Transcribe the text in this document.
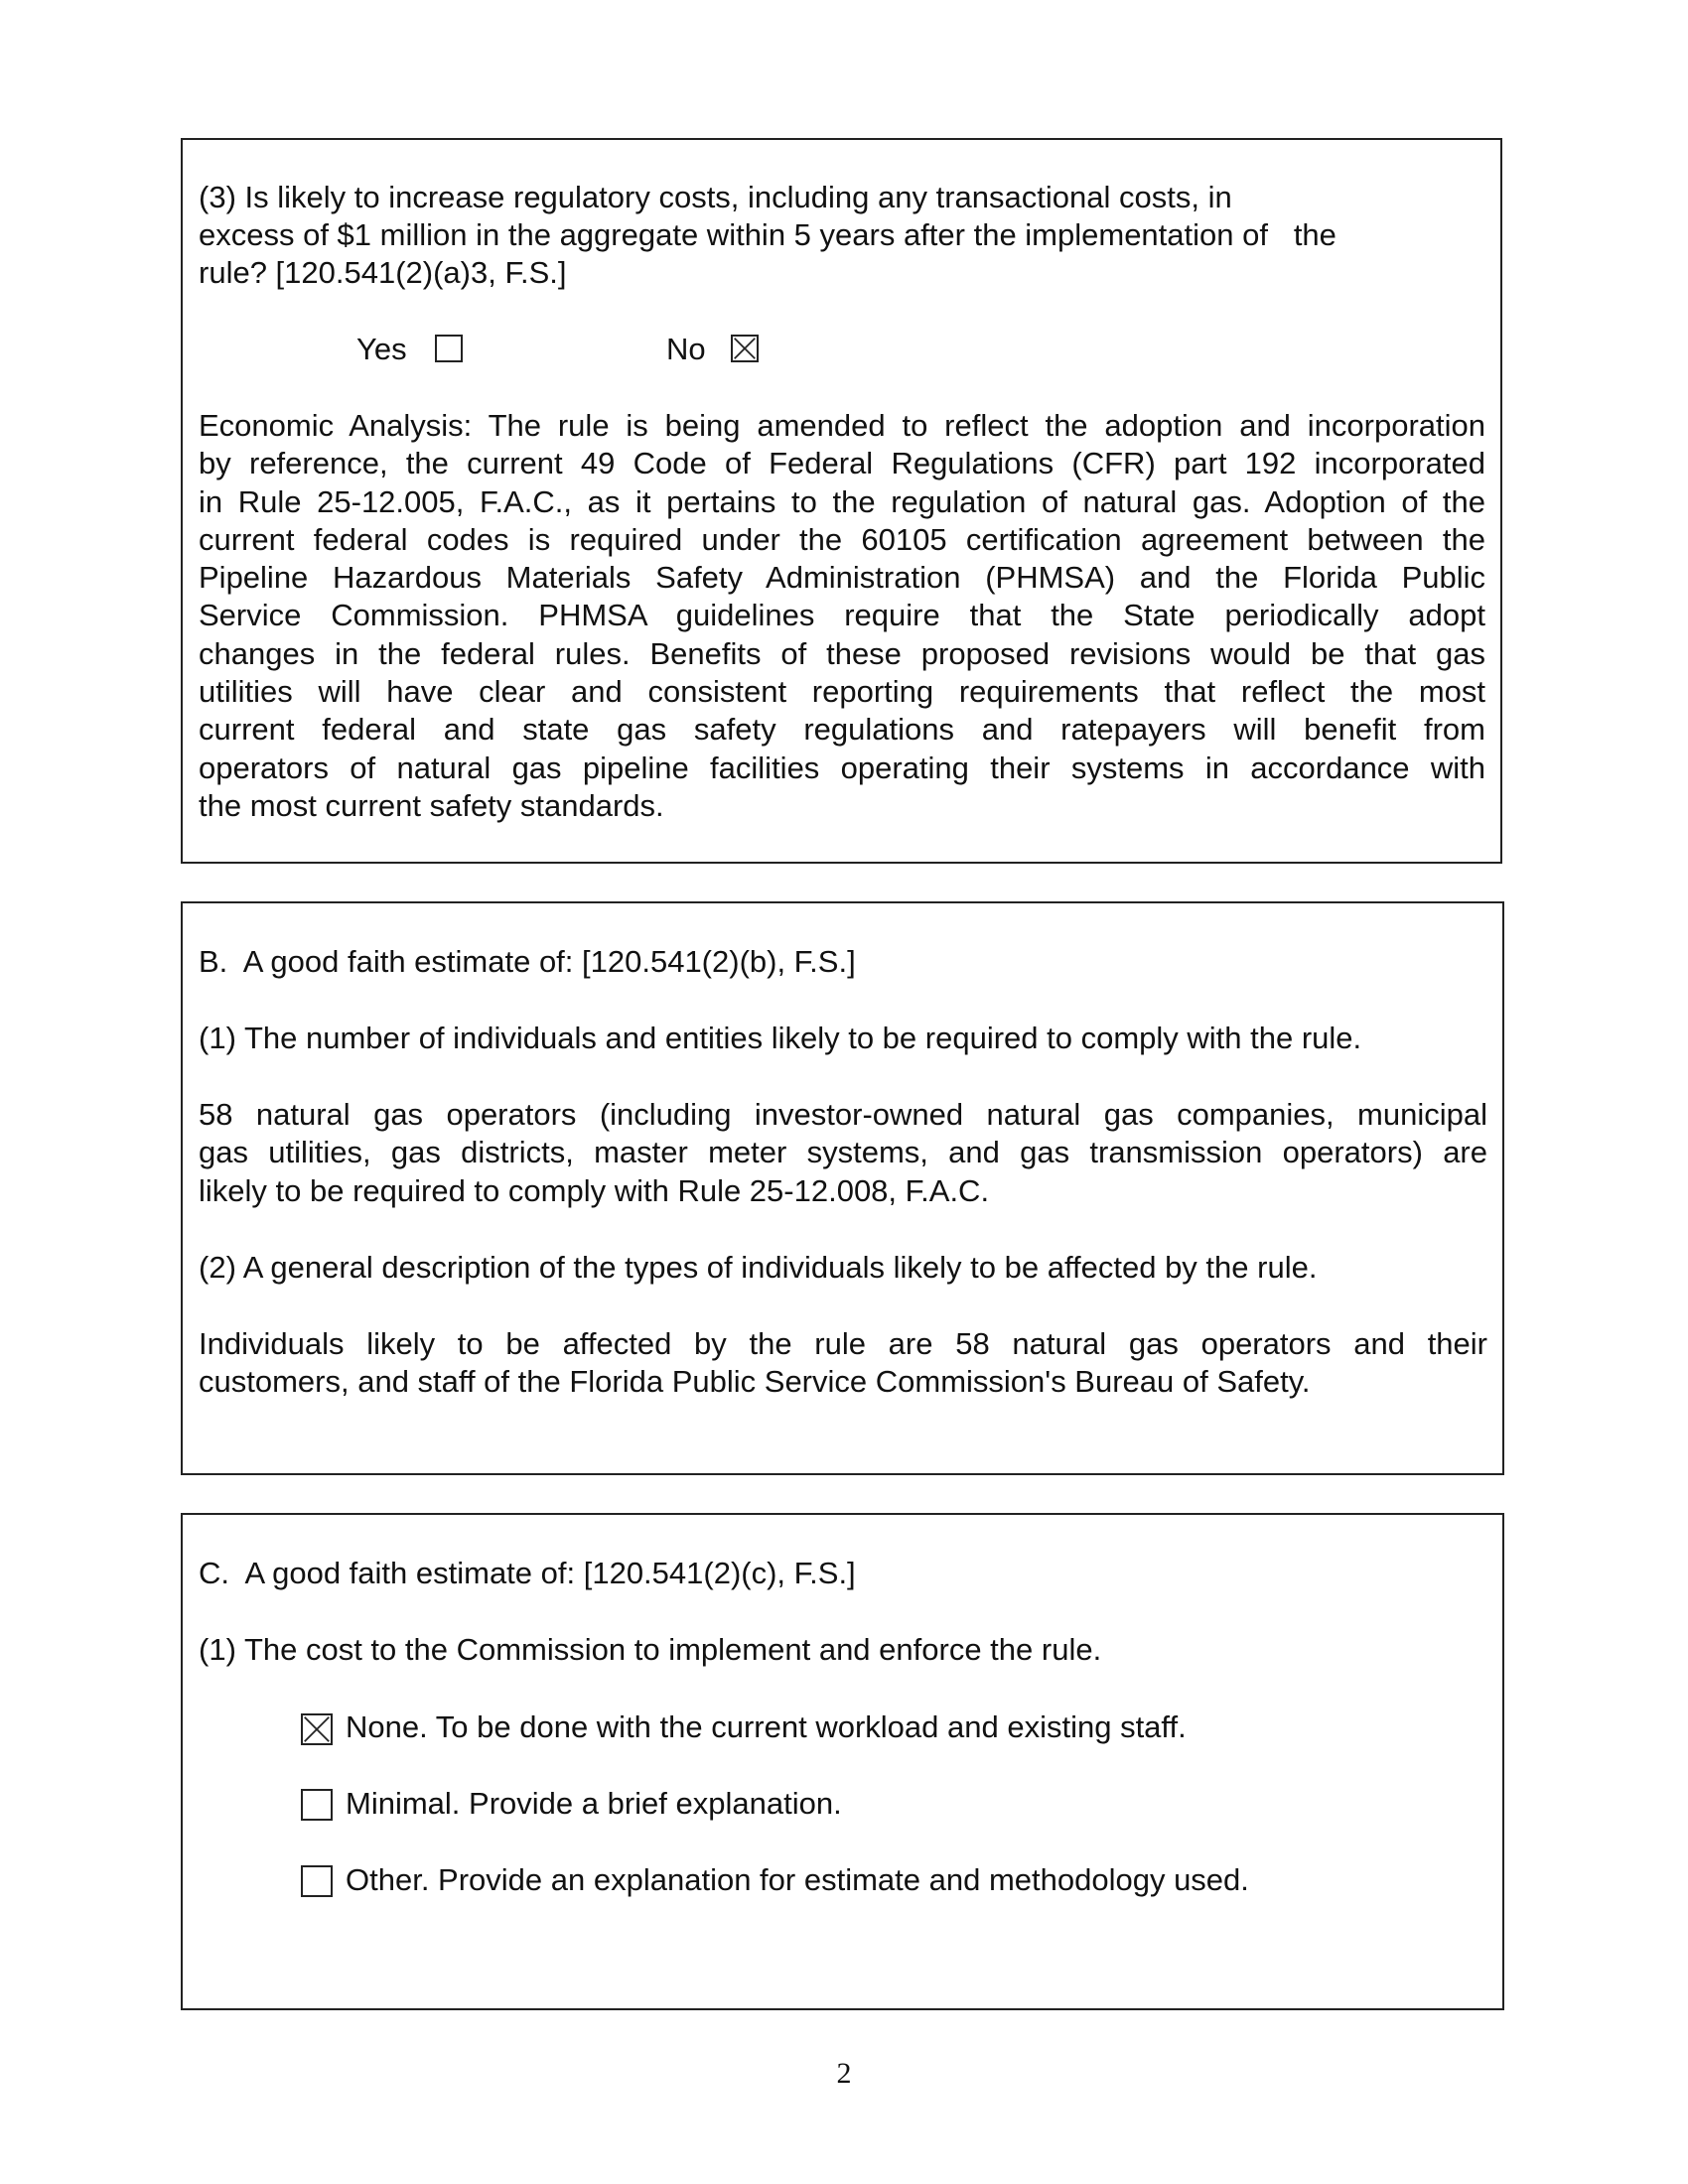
(3) Is likely to increase regulatory costs, including any transactional costs, in
excess of $1 million in the aggregate within 5 years after the implementation of   the
rule? [120.541(2)(a)3, F.S.]
Yes	No
Economic Analysis: The rule is being amended to reflect the adoption and incorporation
by reference, the current 49 Code of Federal Regulations (CFR) part 192 incorporated
in Rule 25-12.005, F.A.C., as it pertains to the regulation of natural gas. Adoption of the
current federal codes is required under the 60105 certification agreement between the
Pipeline Hazardous Materials Safety Administration (PHMSA) and the Florida Public
Service Commission. PHMSA guidelines require that the State periodically adopt
changes in the federal rules. Benefits of these proposed revisions would be that gas
utilities will have clear and consistent reporting requirements that reflect the most
current federal and state gas safety regulations and ratepayers will benefit from
operators of natural gas pipeline facilities operating their systems in accordance with
the most current safety standards.
B.  A good faith estimate of: [120.541(2)(b), F.S.]
(1) The number of individuals and entities likely to be required to comply with the rule.
58 natural gas operators (including investor-owned natural gas companies, municipal
gas utilities, gas districts, master meter systems, and gas transmission operators) are
likely to be required to comply with Rule 25-12.008, F.A.C.
(2) A general description of the types of individuals likely to be affected by the rule.
Individuals likely to be affected by the rule are 58 natural gas operators and their
customers, and staff of the Florida Public Service Commission's Bureau of Safety.
C.  A good faith estimate of: [120.541(2)(c), F.S.]
(1) The cost to the Commission to implement and enforce the rule.
None. To be done with the current workload and existing staff.
Minimal. Provide a brief explanation.
Other. Provide an explanation for estimate and methodology used.
2
